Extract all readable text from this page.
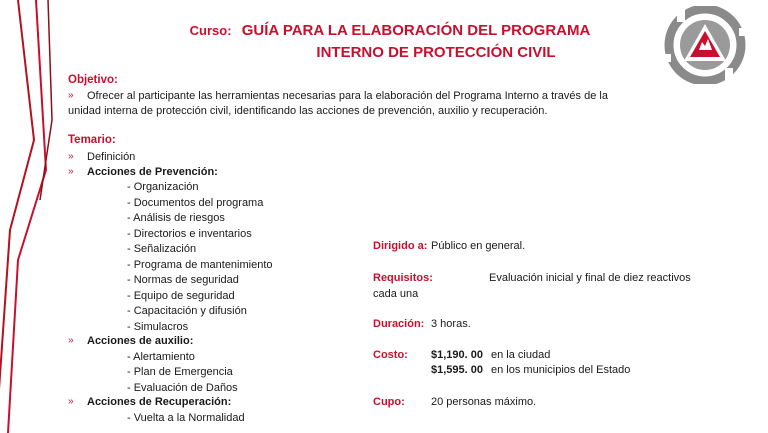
Curso: GUÍA PARA LA ELABORACIÓN DEL PROGRAMA
INTERNO DE PROTECCIÓN CIVIL
Objetivo:
» Ofrecer al participante las herramientas necesarias para la elaboración del Programa Interno a través de la
unidad interna de protección civil, identificando las acciones de prevención, auxilio y recuperación.
Temario:
» Definición
» Acciones de Prevención:
- Organización
- Documentos del programa
- Análisis de riesgos
- Directorios e inventarios
- Señalización
- Programa de mantenimiento
- Normas de seguridad
- Equipo de seguridad
- Capacitación y difusión
- Simulacros
» Acciones de auxilio:
- Alertamiento
- Plan de Emergencia
- Evaluación de Daños
» Acciones de Recuperación:
- Vuelta a la Normalidad
Dirigido a: Público en general.
Requisitos:	Evaluación inicial y final de diez reactivos
cada una
Duración: 3 horas.
Costo: $1,190. 00 en la ciudad
$1,595. 00 en los municipios del Estado
Cupo: 20 personas máximo.
